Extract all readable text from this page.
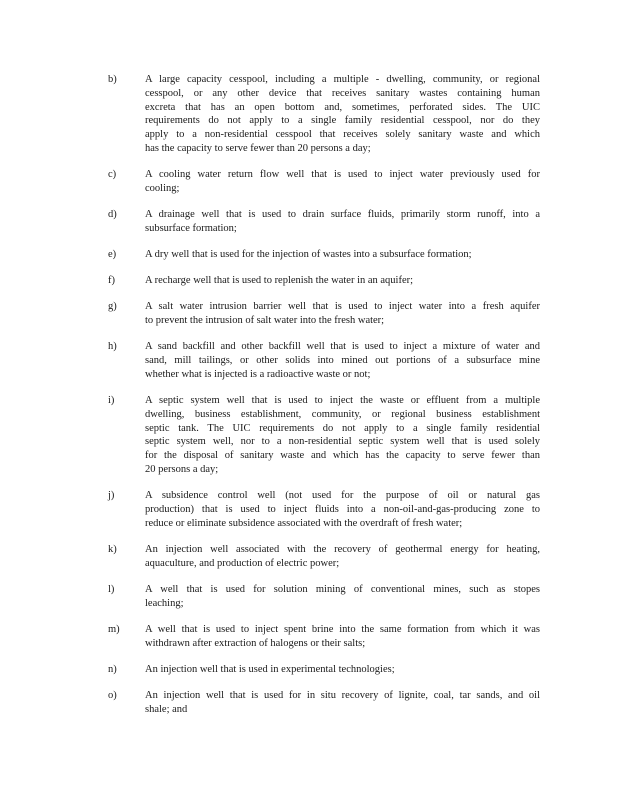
b)	A large capacity cesspool, including a multiple - dwelling, community, or regional
cesspool, or any other device that receives sanitary wastes containing human
excreta that has an open bottom and, sometimes, perforated sides. The UIC
requirements do not apply to a single family residential cesspool, nor do they
apply to a non-residential cesspool that receives solely sanitary waste and which
has the capacity to serve fewer than 20 persons a day;
c)	A cooling water return flow well that is used to inject water previously used for
cooling;
d)	A drainage well that is used to drain surface fluids, primarily storm runoff, into a
subsurface formation;
e)	A dry well that is used for the injection of wastes into a subsurface formation;
f)	A recharge well that is used to replenish the water in an aquifer;
g)	A salt water intrusion barrier well that is used to inject water into a fresh aquifer
to prevent the intrusion of salt water into the fresh water;
h)	A sand backfill and other backfill well that is used to inject a mixture of water and
sand, mill tailings, or other solids into mined out portions of a subsurface mine
whether what is injected is a radioactive waste or not;
i)	A septic system well that is used to inject the waste or effluent from a multiple
dwelling, business establishment, community, or regional business establishment
septic tank. The UIC requirements do not apply to a single family residential
septic system well, nor to a non-residential septic system well that is used solely
for the disposal of sanitary waste and which has the capacity to serve fewer than
20 persons a day;
j)	A subsidence control well (not used for the purpose of oil or natural gas
production) that is used to inject fluids into a non-oil-and-gas-producing zone to
reduce or eliminate subsidence associated with the overdraft of fresh water;
k)	An injection well associated with the recovery of geothermal energy for heating,
aquaculture, and production of electric power;
l)	A well that is used for solution mining of conventional mines, such as stopes
leaching;
m) A well that is used to inject spent brine into the same formation from which it was
withdrawn after extraction of halogens or their salts;
n)	An injection well that is used in experimental technologies;
o)	An injection well that is used for in situ recovery of lignite, coal, tar sands, and oil
shale; and
